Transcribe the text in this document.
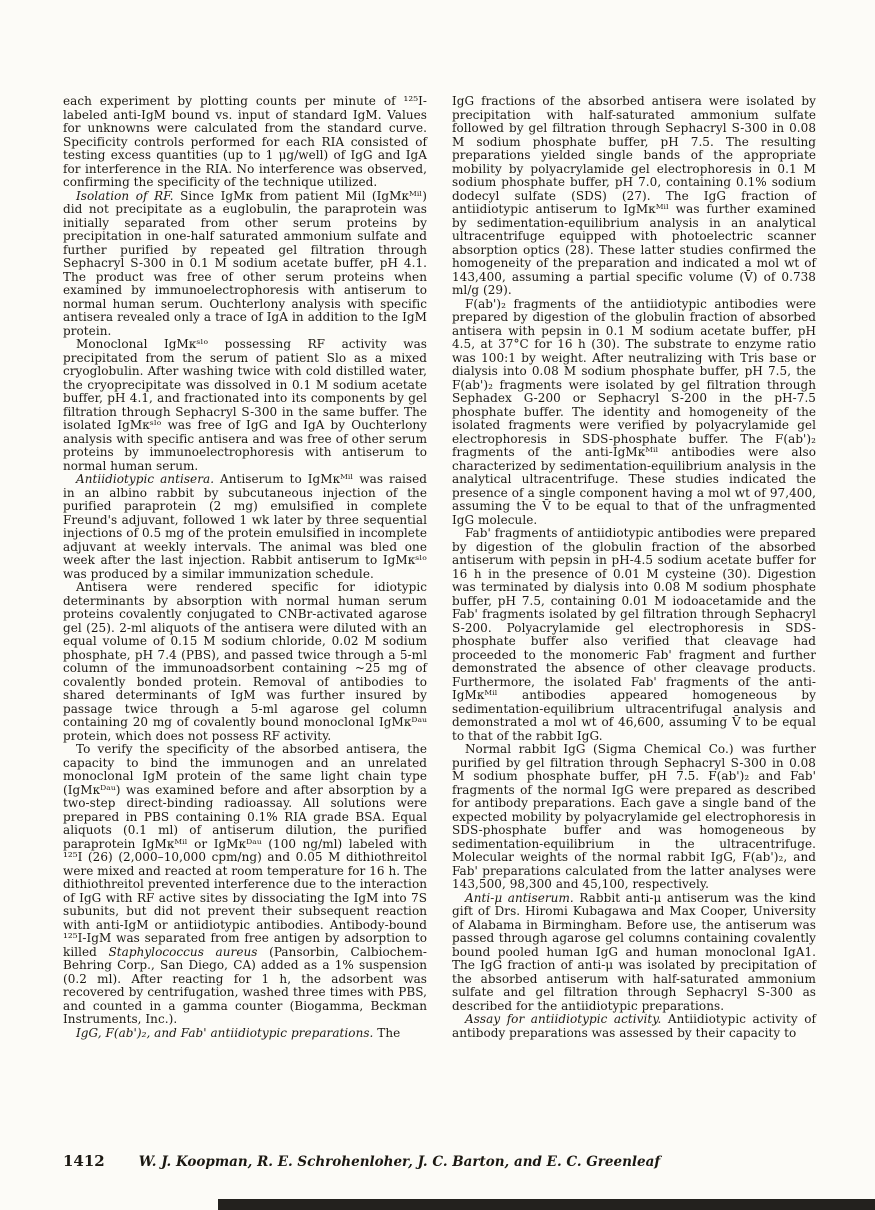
each experiment by plotting counts per minute of ¹²⁵I-labeled anti-IgM bound vs. input of standard IgM. Values for unknowns were calculated from the standard curve. Specificity controls performed for each RIA consisted of testing excess quantities (up to 1 μg/well) of IgG and IgA for interference in the RIA. No interference was observed, confirming the specificity of the technique utilized.

Isolation of RF. Since IgMκ from patient Mil (IgMκᴹⁱˡ) did not precipitate as a euglobulin, the paraprotein was initially separated from other serum proteins by precipitation in one-half saturated ammonium sulfate and further purified by repeated gel filtration through Sephacryl S-300 in 0.1 M sodium acetate buffer, pH 4.1. The product was free of other serum proteins when examined by immunoelectrophoresis with antiserum to normal human serum. Ouchterlony analysis with specific antisera revealed only a trace of IgA in addition to the IgM protein.

Monoclonal IgMκˢˡᵒ possessing RF activity was precipitated from the serum of patient Slo as a mixed cryoglobulin. After washing twice with cold distilled water, the cryoprecipitate was dissolved in 0.1 M sodium acetate buffer, pH 4.1, and fractionated into its components by gel filtration through Sephacryl S-300 in the same buffer. The isolated IgMκˢˡᵒ was free of IgG and IgA by Ouchterlony analysis with specific antisera and was free of other serum proteins by immunoelectrophoresis with antiserum to normal human serum.

Antiidiotypic antisera. Antiserum to IgMκᴹⁱˡ was raised in an albino rabbit by subcutaneous injection of the purified paraprotein (2 mg) emulsified in complete Freund's adjuvant, followed 1 wk later by three sequential injections of 0.5 mg of the protein emulsified in incomplete adjuvant at weekly intervals. The animal was bled one week after the last injection. Rabbit antiserum to IgMκˢˡᵒ was produced by a similar immunization schedule.

Antisera were rendered specific for idiotypic determinants by absorption with normal human serum proteins covalently conjugated to CNBr-activated agarose gel (25). 2-ml aliquots of the antisera were diluted with an equal volume of 0.15 M sodium chloride, 0.02 M sodium phosphate, pH 7.4 (PBS), and passed twice through a 5-ml column of the immunoadsorbent containing ~25 mg of covalently bonded protein. Removal of antibodies to shared determinants of IgM was further insured by passage twice through a 5-ml agarose gel column containing 20 mg of covalently bound monoclonal IgMκᴰᵃᵘ protein, which does not possess RF activity.

To verify the specificity of the absorbed antisera, the capacity to bind the immunogen and an unrelated monoclonal IgM protein of the same light chain type (IgMκᴰᵃᵘ) was examined before and after absorption by a two-step direct-binding radioassay. All solutions were prepared in PBS containing 0.1% RIA grade BSA. Equal aliquots (0.1 ml) of antiserum dilution, the purified paraprotein IgMκᴹⁱˡ or IgMκᴰᵃᵘ (100 ng/ml) labeled with ¹²⁵I (26) (2,000–10,000 cpm/ng) and 0.05 M dithiothreitol were mixed and reacted at room temperature for 16 h. The dithiothreitol prevented interference due to the interaction of IgG with RF active sites by dissociating the IgM into 7S subunits, but did not prevent their subsequent reaction with anti-IgM or antiidiotypic antibodies. Antibody-bound ¹²⁵I-IgM was separated from free antigen by adsorption to killed Staphylococcus aureus (Pansorbin, Calbiochem-Behring Corp., San Diego, CA) added as a 1% suspension (0.2 ml). After reacting for 1 h, the adsorbent was recovered by centrifugation, washed three times with PBS, and counted in a gamma counter (Biogamma, Beckman Instruments, Inc.).

IgG, F(ab')₂, and Fab' antiidiotypic preparations. The

IgG fractions of the absorbed antisera were isolated by precipitation with half-saturated ammonium sulfate followed by gel filtration through Sephacryl S-300 in 0.08 M sodium phosphate buffer, pH 7.5. The resulting preparations yielded single bands of the appropriate mobility by polyacrylamide gel electrophoresis in 0.1 M sodium phosphate buffer, pH 7.0, containing 0.1% sodium dodecyl sulfate (SDS) (27). The IgG fraction of antiidiotypic antiserum to IgMκᴹⁱˡ was further examined by sedimentation-equilibrium analysis in an analytical ultracentrifuge equipped with photoelectric scanner absorption optics (28). These latter studies confirmed the homogeneity of the preparation and indicated a mol wt of 143,400, assuming a partial specific volume (V̄) of 0.738 ml/g (29).

F(ab')₂ fragments of the antiidiotypic antibodies were prepared by digestion of the globulin fraction of absorbed antisera with pepsin in 0.1 M sodium acetate buffer, pH 4.5, at 37°C for 16 h (30). The substrate to enzyme ratio was 100:1 by weight. After neutralizing with Tris base or dialysis into 0.08 M sodium phosphate buffer, pH 7.5, the F(ab')₂ fragments were isolated by gel filtration through Sephadex G-200 or Sephacryl S-200 in the pH-7.5 phosphate buffer. The identity and homogeneity of the isolated fragments were verified by polyacrylamide gel electrophoresis in SDS-phosphate buffer. The F(ab')₂ fragments of the anti-IgMκᴹⁱˡ antibodies were also characterized by sedimentation-equilibrium analysis in the analytical ultracentrifuge. These studies indicated the presence of a single component having a mol wt of 97,400, assuming the V̄ to be equal to that of the unfragmented IgG molecule.

Fab' fragments of antiidiotypic antibodies were prepared by digestion of the globulin fraction of the absorbed antiserum with pepsin in pH-4.5 sodium acetate buffer for 16 h in the presence of 0.01 M cysteine (30). Digestion was terminated by dialysis into 0.08 M sodium phosphate buffer, pH 7.5, containing 0.01 M iodoacetamide and the Fab' fragments isolated by gel filtration through Sephacryl S-200. Polyacrylamide gel electrophoresis in SDS-phosphate buffer also verified that cleavage had proceeded to the monomeric Fab' fragment and further demonstrated the absence of other cleavage products. Furthermore, the isolated Fab' fragments of the anti-IgMκᴹⁱˡ antibodies appeared homogeneous by sedimentation-equilibrium ultracentrifugal analysis and demonstrated a mol wt of 46,600, assuming V̄ to be equal to that of the rabbit IgG.

Normal rabbit IgG (Sigma Chemical Co.) was further purified by gel filtration through Sephacryl S-300 in 0.08 M sodium phosphate buffer, pH 7.5. F(ab')₂ and Fab' fragments of the normal IgG were prepared as described for antibody preparations. Each gave a single band of the expected mobility by polyacrylamide gel electrophoresis in SDS-phosphate buffer and was homogeneous by sedimentation-equilibrium in the ultracentrifuge. Molecular weights of the normal rabbit IgG, F(ab')₂, and Fab' preparations calculated from the latter analyses were 143,500, 98,300 and 45,100, respectively.

Anti-μ antiserum. Rabbit anti-μ antiserum was the kind gift of Drs. Hiromi Kubagawa and Max Cooper, University of Alabama in Birmingham. Before use, the antiserum was passed through agarose gel columns containing covalently bound pooled human IgG and human monoclonal IgA1. The IgG fraction of anti-μ was isolated by precipitation of the absorbed antiserum with half-saturated ammonium sulfate and gel filtration through Sephacryl S-300 as described for the antiidiotypic preparations.

Assay for antiidiotypic activity. Antiidiotypic activity of antibody preparations was assessed by their capacity to

1412	W. J. Koopman, R. E. Schrohenloher, J. C. Barton, and E. C. Greenleaf
